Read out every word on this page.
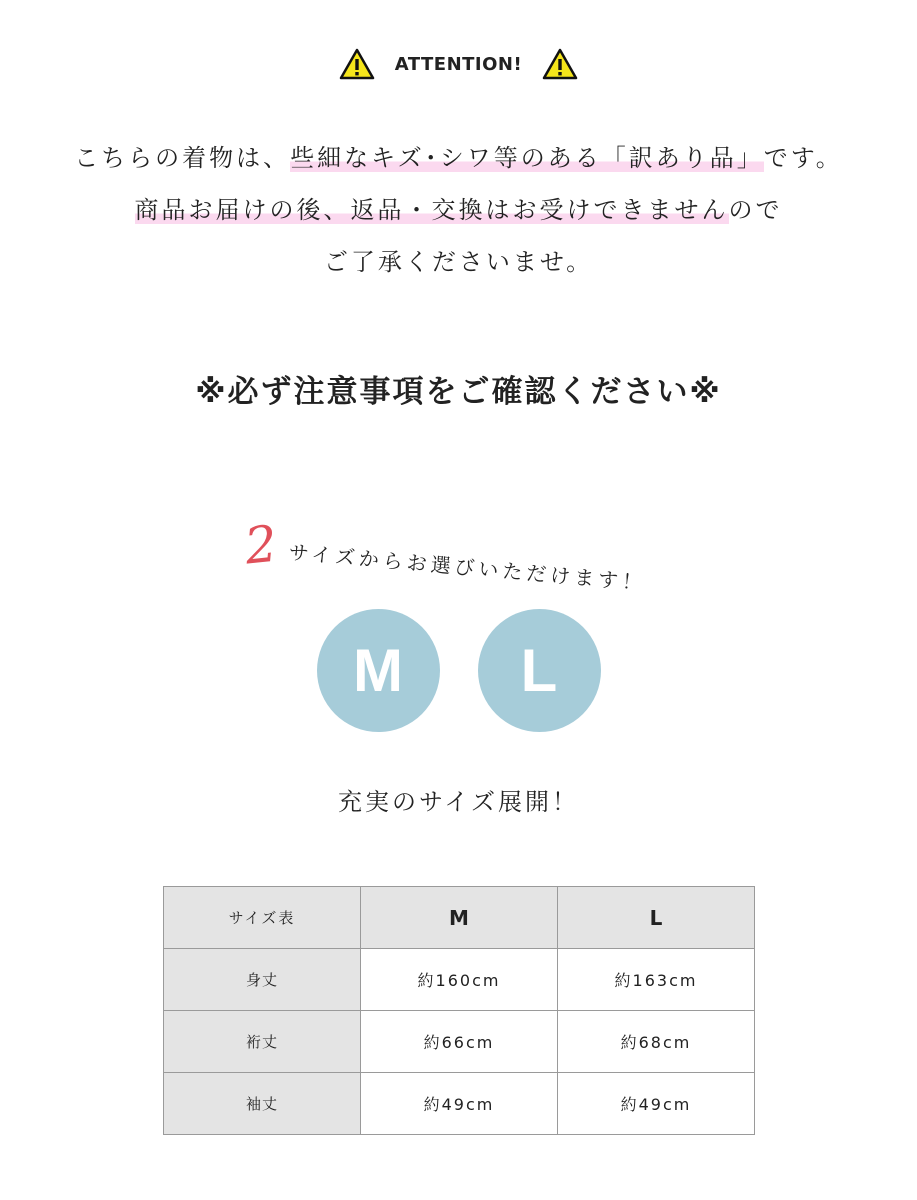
ATTENTION!
こちらの着物は、些細なキズ･シワ等のある「訳あり品」です。
商品お届けの後、返品・交換はお受けできませんので
ご了承くださいませ。
※必ず注意事項をご確認ください※
2 サイズからお選びいただけます！
M	L
充実のサイズ展開！
サイズ表	M	L
身丈	約160cm	約163cm
裄丈	約66cm	約68cm
袖丈	約49cm	約49cm
